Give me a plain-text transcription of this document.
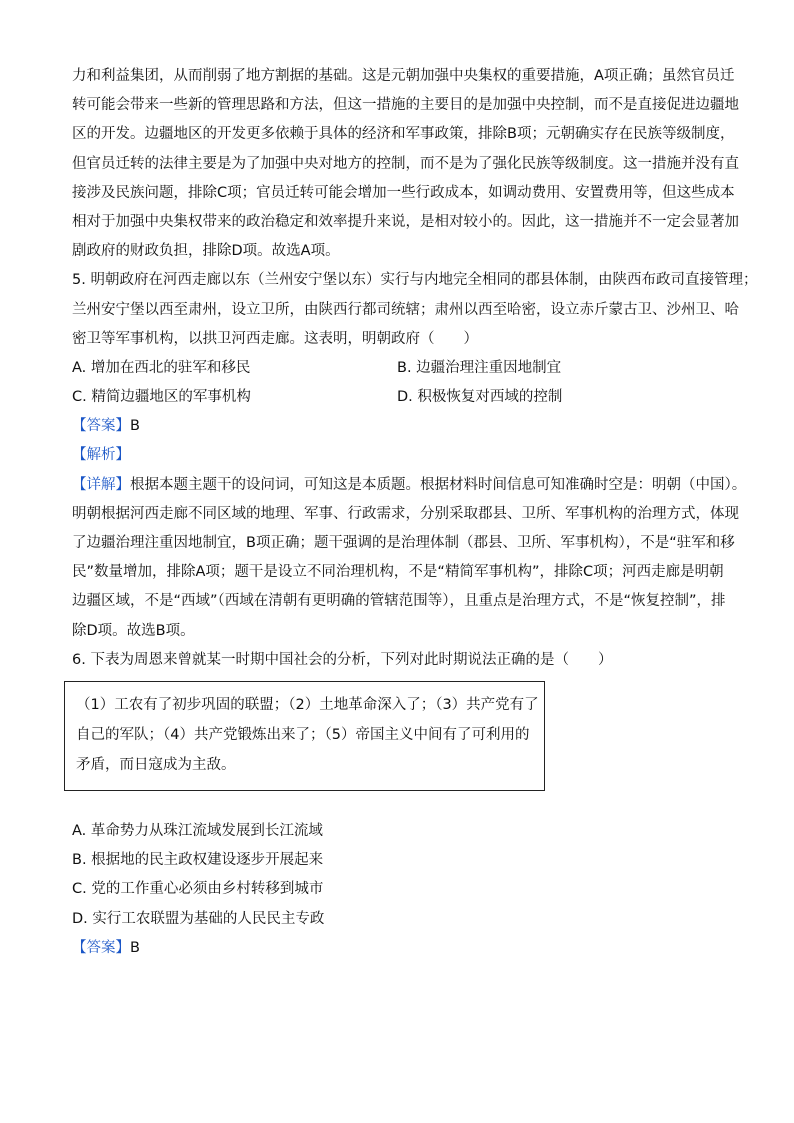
力和利益集团，从而削弱了地方割据的基础。这是元朝加强中央集权的重要措施，A项正确；虽然官员迁
转可能会带来一些新的管理思路和方法，但这一措施的主要目的是加强中央控制，而不是直接促进边疆地
区的开发。边疆地区的开发更多依赖于具体的经济和军事政策，排除B项；元朝确实存在民族等级制度，
但官员迁转的法律主要是为了加强中央对地方的控制，而不是为了强化民族等级制度。这一措施并没有直
接涉及民族问题，排除C项；官员迁转可能会增加一些行政成本，如调动费用、安置费用等，但这些成本
相对于加强中央集权带来的政治稳定和效率提升来说，是相对较小的。因此，这一措施并不一定会显著加
剧政府的财政负担，排除D项。故选A项。
5. 明朝政府在河西走廊以东（兰州安宁堡以东）实行与内地完全相同的郡县体制，由陕西布政司直接管理；
兰州安宁堡以西至肃州，设立卫所，由陕西行都司统辖；肃州以西至哈密，设立赤斤蒙古卫、沙州卫、哈
密卫等军事机构，以拱卫河西走廊。这表明，明朝政府（　　）
A. 增加在西北的驻军和移民	B. 边疆治理注重因地制宜
C. 精简边疆地区的军事机构	D. 积极恢复对西域的控制
【答案】B
【解析】
【详解】根据本题主题干的设问词，可知这是本质题。根据材料时间信息可知准确时空是：明朝（中国）。
明朝根据河西走廊不同区域的地理、军事、行政需求，分别采取郡县、卫所、军事机构的治理方式，体现
了边疆治理注重因地制宜，B项正确；题干强调的是治理体制（郡县、卫所、军事机构），不是“驻军和移
民”数量增加，排除A项；题干是设立不同治理机构，不是“精简军事机构”，排除C项；河西走廊是明朝
边疆区域，不是“西域”（西域在清朝有更明确的管辖范围等），且重点是治理方式，不是“恢复控制”，排
除D项。故选B项。
6. 下表为周恩来曾就某一时期中国社会的分析，下列对此时期说法正确的是（　　）
（1）工农有了初步巩固的联盟；（2）土地革命深入了；（3）共产党有了
自己的军队；（4）共产党锻炼出来了；（5）帝国主义中间有了可利用的
矛盾，而日寇成为主敌。
A. 革命势力从珠江流域发展到长江流域
B. 根据地的民主政权建设逐步开展起来
C. 党的工作重心必须由乡村转移到城市
D. 实行工农联盟为基础的人民民主专政
【答案】B
